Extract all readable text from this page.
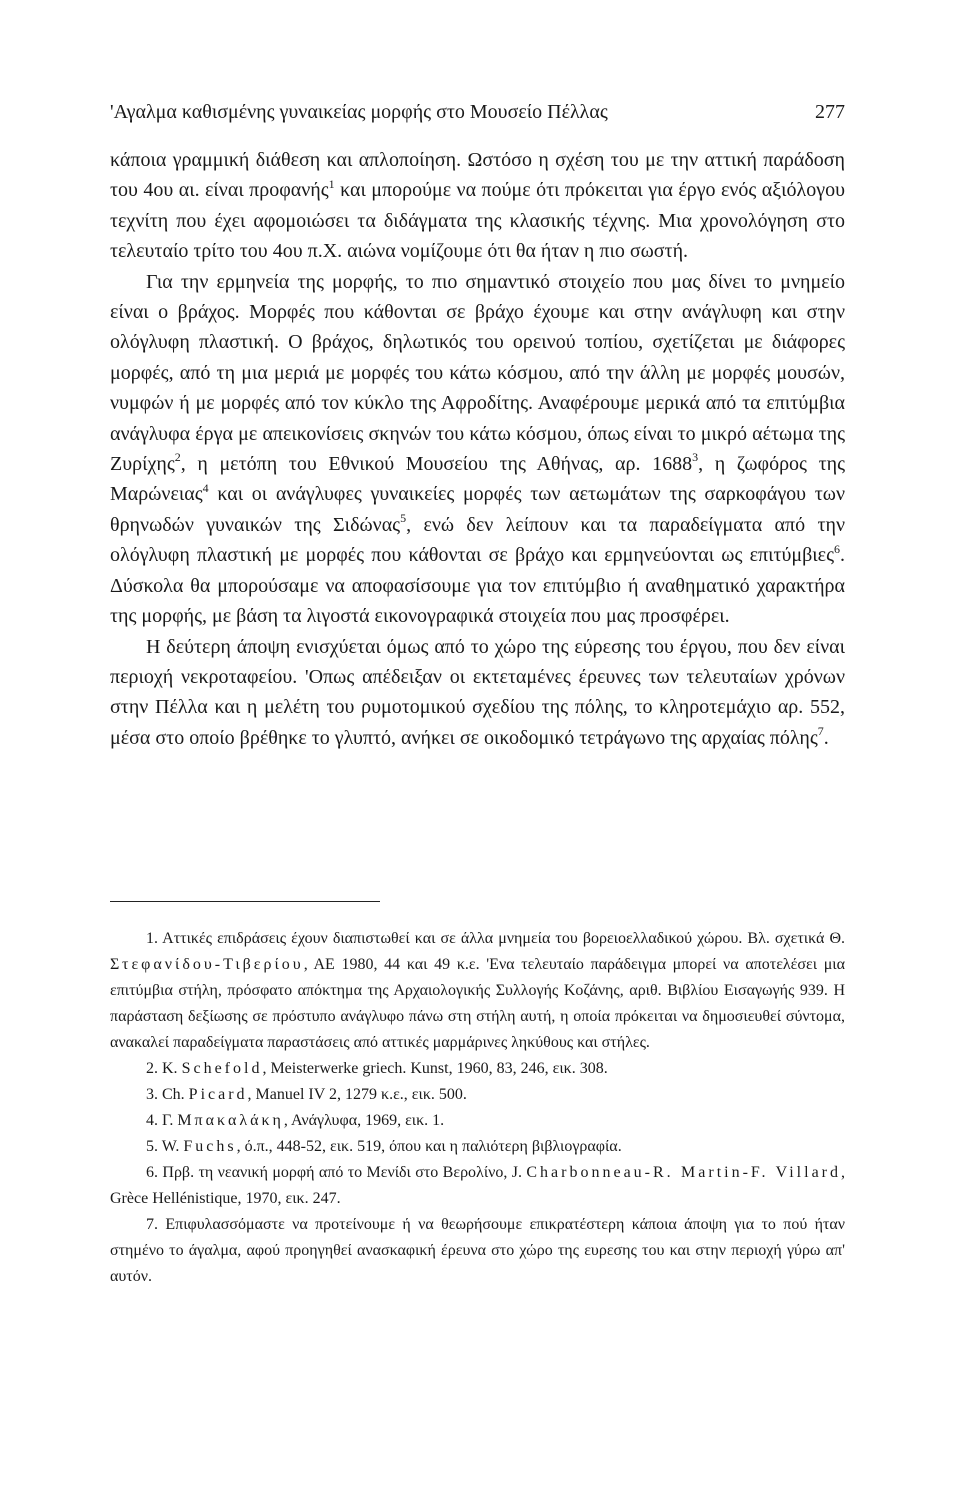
'Αγαλμα καθισμένης γυναικείας μορφής στο Μουσείο Πέλλας	277

κάποια γραμμική διάθεση και απλοποίηση. Ωστόσο η σχέση του με την αττική παράδοση του 4ου αι. είναι προφανής$^1$ και μπορούμε να πούμε ότι πρόκειται για έργο ενός αξιόλογου τεχνίτη που έχει αφομοιώσει τα διδάγματα της κλασικής τέχνης. Μια χρονολόγηση στο τελευταίο τρίτο του 4ου π.Χ. αιώνα νομίζουμε ότι θα ήταν η πιο σωστή.

Για την ερμηνεία της μορφής, το πιο σημαντικό στοιχείο που μας δίνει το μνημείο είναι ο βράχος. Μορφές που κάθονται σε βράχο έχουμε και στην ανάγλυφη και στην ολόγλυφη πλαστική. Ο βράχος, δηλωτικός του ορεινού τοπίου, σχετίζεται με διάφορες μορφές, από τη μια μεριά με μορφές του κάτω κόσμου, από την άλλη με μορφές μουσών, νυμφών ή με μορφές από τον κύκλο της Αφροδίτης. Αναφέρουμε μερικά από τα επιτύμβια ανάγλυφα έργα με απεικονίσεις σκηνών του κάτω κόσμου, όπως είναι το μικρό αέτωμα της Ζυρίχης$^2$, η μετόπη του Εθνικού Μουσείου της Αθήνας, αρ. 1688$^3$, η ζωφόρος της Μαρώνειας$^4$ και οι ανάγλυφες γυναικείες μορφές των αετωμάτων της σαρκοφάγου των θρηνωδών γυναικών της Σιδώνας$^5$, ενώ δεν λείπουν και τα παραδείγματα από την ολόγλυφη πλαστική με μορφές που κάθονται σε βράχο και ερμηνεύονται ως επιτύμβιες$^6$. Δύσκολα θα μπορούσαμε να αποφασίσουμε για τον επιτύμβιο ή αναθηματικό χαρακτήρα της μορφής, με βάση τα λιγοστά εικονογραφικά στοιχεία που μας προσφέρει.

Η δεύτερη άποψη ενισχύεται όμως από το χώρο της εύρεσης του έργου, που δεν είναι περιοχή νεκροταφείου. 'Οπως απέδειξαν οι εκτεταμένες έρευνες των τελευταίων χρόνων στην Πέλλα και η μελέτη του ρυμοτομικού σχεδίου της πόλης, το κληροτεμάχιο αρ. 552, μέσα στο οποίο βρέθηκε το γλυπτό, ανήκει σε οικοδομικό τετράγωνο της αρχαίας πόλης$^7$.

1. Αττικές επιδράσεις έχουν διαπιστωθεί και σε άλλα μνημεία του βορειοελλαδικού χώρου. Βλ. σχετικά Θ. Στεφανίδου-Τιβερίου, ΑΕ 1980, 44 και 49 κ.ε. 'Ενα τελευταίο παράδειγμα μπορεί να αποτελέσει μια επιτύμβια στήλη, πρόσφατο απόκτημα της Αρχαιολογικής Συλλογής Κοζάνης, αριθ. Βιβλίου Εισαγωγής 939. Η παράσταση δεξίωσης σε πρόστυπο ανάγλυφο πάνω στη στήλη αυτή, η οποία πρόκειται να δημοσιευθεί σύντομα, ανακαλεί παραδείγματα παραστάσεις από αττικές μαρμάρινες ληκύθους και στήλες.

2. K. Schefold, Meisterwerke griech. Kunst, 1960, 83, 246, εικ. 308.

3. Ch. Picard, Manuel IV 2, 1279 κ.ε., εικ. 500.

4. Γ. Μπακαλάκη, Ανάγλυφα, 1969, εικ. 1.

5. W. Fuchs, ό.π., 448-52, εικ. 519, όπου και η παλιότερη βιβλιογραφία.

6. Πρβ. τη νεανική μορφή από το Μενίδι στο Βερολίνο, J. Charbonneau-R. Martin-F. Villard, Grèce Hellénistique, 1970, εικ. 247.

7. Επιφυλασσόμαστε να προτείνουμε ή να θεωρήσουμε επικρατέστερη κάποια άποψη για το πού ήταν στημένο το άγαλμα, αφού προηγηθεί ανασκαφική έρευνα στο χώρο της ευρεσης του και στην περιοχή γύρω απ' αυτόν.
